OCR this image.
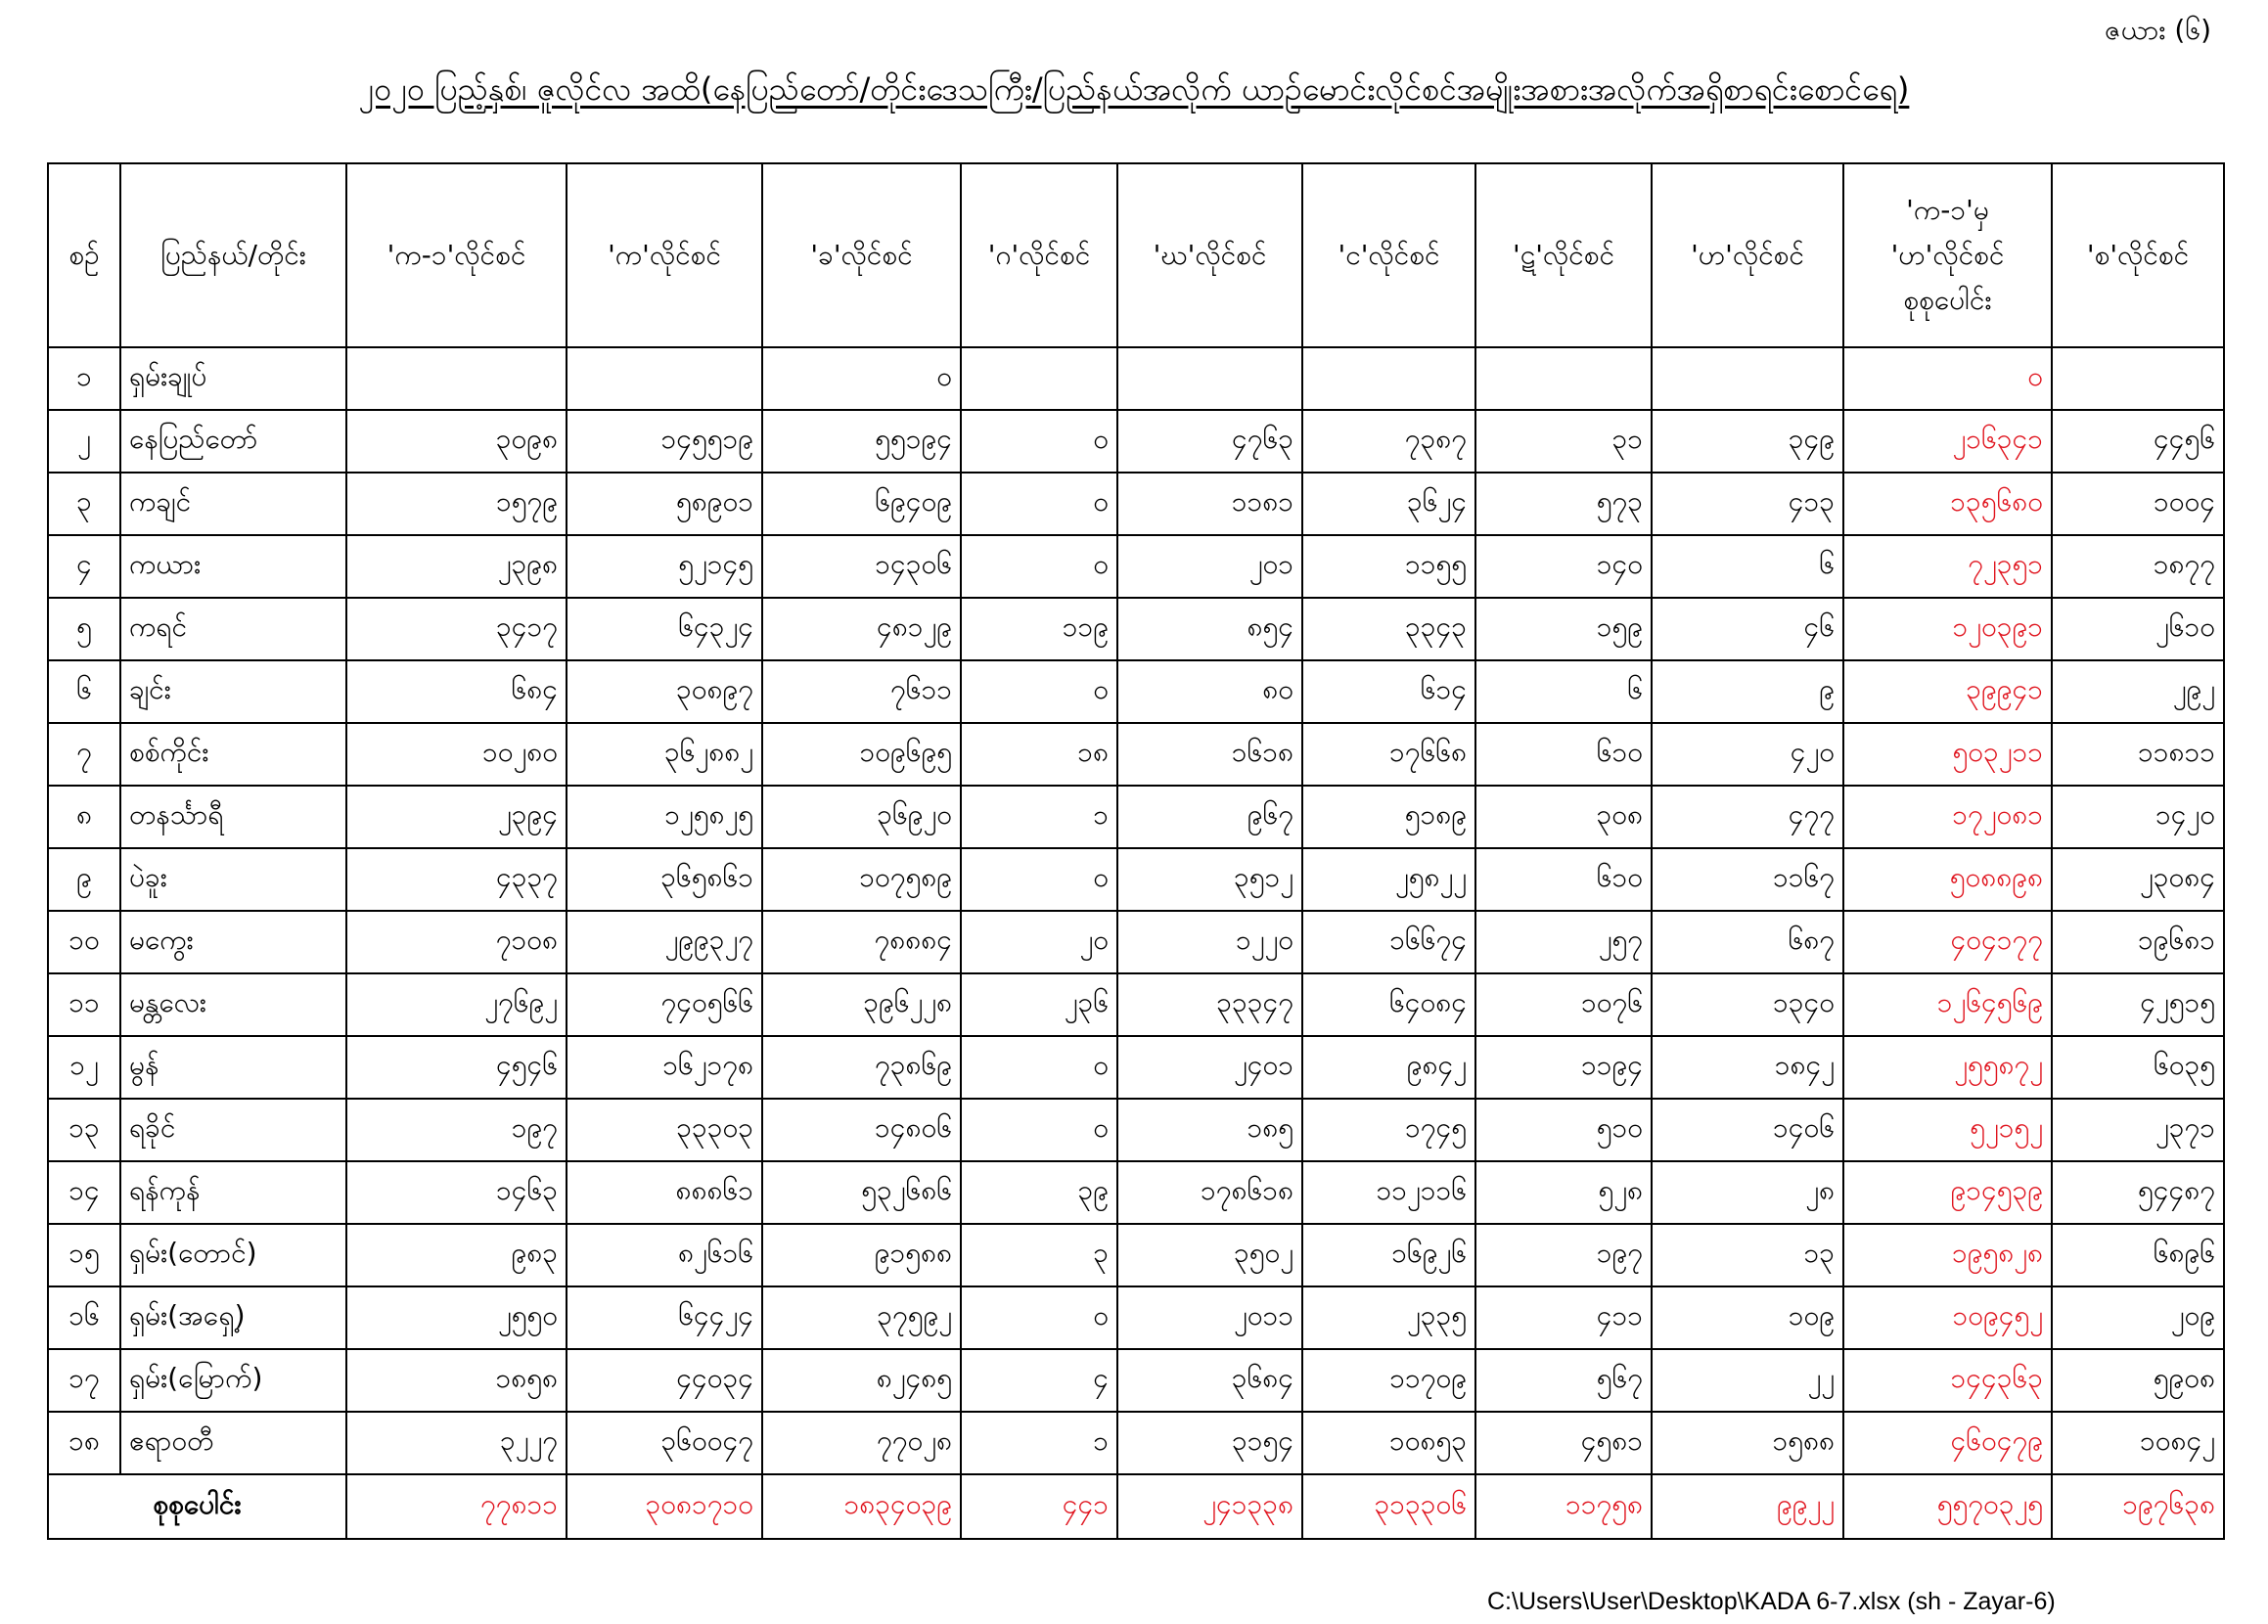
ဇယား (၆)
၂၀၂၀ ပြည့်နှစ်၊ ဇူလိုင်လ အထိ(နေပြည်တော်/တိုင်းဒေသကြီး/ပြည်နယ်အလိုက် ယာဉ်မောင်းလိုင်စင်အမျိုးအစားအလိုက်အရှိစာရင်းစောင်ရေ)
စဉ်	ပြည်နယ်/တိုင်း	'က-၁'လိုင်စင်	'က'လိုင်စင်	'ခ'လိုင်စင်	'ဂ'လိုင်စင်	'ဃ'လိုင်စင်	'င'လိုင်စင်	'ဋ'လိုင်စင်	'ဟ'လိုင်စင်	'က-၁'မှ 'ဟ'လိုင်စင် စုစုပေါင်း	'စ'လိုင်စင်
၁	ရှမ်းချုပ်			၀						၀	
၂	နေပြည်တော်	၃၀၉၈	၁၄၅၅၁၉	၅၅၁၉၄	၀	၄၇၆၃	၇၃၈၇	၃၁	၃၄၉	၂၁၆၃၄၁	၄၄၅၆
၃	ကချင်	၁၅၇၉	၅၈၉၀၁	၆၉၄၀၉	၀	၁၁၈၁	၃၆၂၄	၅၇၃	၄၁၃	၁၃၅၆၈၀	၁၀၀၄
၄	ကယား	၂၃၉၈	၅၂၁၄၅	၁၄၃၀၆	၀	၂၀၁	၁၁၅၅	၁၄၀	၆	၇၂၃၅၁	၁၈၇၇
၅	ကရင်	၃၄၁၇	၆၄၃၂၄	၄၈၁၂၉	၁၁၉	၈၅၄	၃၃၄၃	၁၅၉	၄၆	၁၂၀၃၉၁	၂၆၁၀
၆	ချင်း	၆၈၄	၃၀၈၉၇	၇၆၁၁	၀	၈၀	၆၁၄	၆	၉	၃၉၉၄၁	၂၉၂
၇	စစ်ကိုင်း	၁၀၂၈၀	၃၆၂၈၈၂	၁၀၉၆၉၅	၁၈	၁၆၁၈	၁၇၆၆၈	၆၁၀	၄၂၀	၅၀၃၂၁၁	၁၁၈၁၁
၈	တနင်္သာရီ	၂၃၉၄	၁၂၅၈၂၅	၃၆၉၂၀	၁	၉၆၇	၅၁၈၉	၃၀၈	၄၇၇	၁၇၂၀၈၁	၁၄၂၀
၉	ပဲခူး	၄၃၃၇	၃၆၅၈၆၁	၁၀၇၅၈၉	၀	၃၅၁၂	၂၅၈၂၂	၆၁၀	၁၁၆၇	၅၀၈၈၉၈	၂၃၀၈၄
၁၀	မကွေး	၇၁၀၈	၂၉၉၃၂၇	၇၈၈၈၄	၂၀	၁၂၂၀	၁၆၆၇၄	၂၅၇	၆၈၇	၄၀၄၁၇၇	၁၉၆၈၁
၁၁	မန္တလေး	၂၇၆၉၂	၇၄၀၅၆၆	၃၉၆၂၂၈	၂၃၆	၃၃၃၄၇	၆၄၀၈၄	၁၀၇၆	၁၃၄၀	၁၂၆၄၅၆၉	၄၂၅၁၅
၁၂	မွန်	၄၅၄၆	၁၆၂၁၇၈	၇၃၈၆၉	၀	၂၄၀၁	၉၈၄၂	၁၁၉၄	၁၈၄၂	၂၅၅၈၇၂	၆၀၃၅
၁၃	ရခိုင်	၁၉၇	၃၃၃၀၃	၁၄၈၀၆	၀	၁၈၅	၁၇၄၅	၅၁၀	၁၄၀၆	၅၂၁၅၂	၂၃၇၁
၁၄	ရန်ကုန်	၁၄၆၃	၈၈၈၆၁	၅၃၂၆၈၆	၃၉	၁၇၈၆၁၈	၁၁၂၁၁၆	၅၂၈	၂၈	၉၁၄၅၃၉	၅၄၄၈၇
၁၅	ရှမ်း(တောင်)	၉၈၃	၈၂၆၁၆	၉၁၅၈၈	၃	၃၅၀၂	၁၆၉၂၆	၁၉၇	၁၃	၁၉၅၈၂၈	၆၈၉၆
၁၆	ရှမ်း(အရှေ့)	၂၅၅၀	၆၄၄၂၄	၃၇၅၉၂	၀	၂၀၁၁	၂၃၃၅	၄၁၁	၁၀၉	၁၀၉၄၅၂	၂၀၉
၁၇	ရှမ်း(မြောက်)	၁၈၅၈	၄၄၀၃၄	၈၂၄၈၅	၄	၃၆၈၄	၁၁၇၀၉	၅၆၇	၂၂	၁၄၄၃၆၃	၅၉၀၈
၁၈	ဧရာဝတီ	၃၂၂၇	၃၆၀၀၄၇	၇၇၀၂၈	၁	၃၁၅၄	၁၀၈၅၃	၄၅၈၁	၁၅၈၈	၄၆၀၄၇၉	၁၀၈၄၂
စုစုပေါင်း		၇၇၈၁၁	၃၀၈၁၇၁၀	၁၈၃၄၀၃၉	၄၄၁	၂၄၁၃၃၈	၃၁၃၃၀၆	၁၁၇၅၈	၉၉၂၂	၅၅၇၀၃၂၅	၁၉၇၆၃၈
C:\Users\User\Desktop\KADA 6-7.xlsx (sh - Zayar-6)
